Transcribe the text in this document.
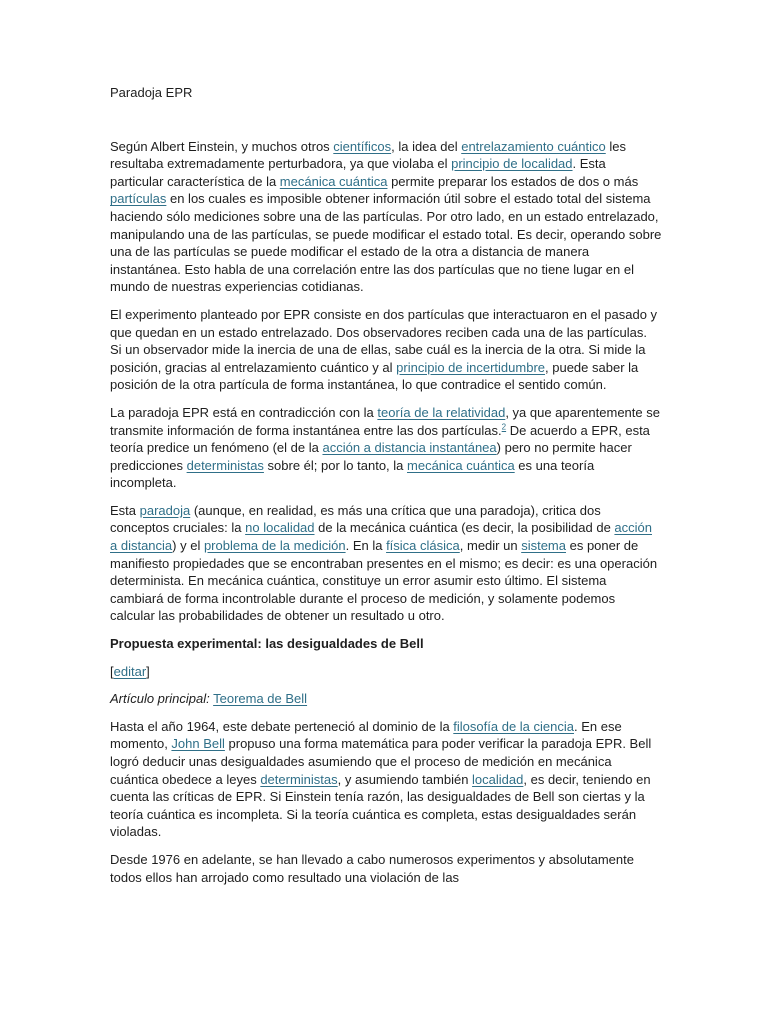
Paradoja EPR

Según Albert Einstein, y muchos otros científicos, la idea del entrelazamiento cuántico les resultaba extremadamente perturbadora, ya que violaba el principio de localidad. Esta particular característica de la mecánica cuántica permite preparar los estados de dos o más partículas en los cuales es imposible obtener información útil sobre el estado total del sistema haciendo sólo mediciones sobre una de las partículas. Por otro lado, en un estado entrelazado, manipulando una de las partículas, se puede modificar el estado total. Es decir, operando sobre una de las partículas se puede modificar el estado de la otra a distancia de manera instantánea. Esto habla de una correlación entre las dos partículas que no tiene lugar en el mundo de nuestras experiencias cotidianas.

El experimento planteado por EPR consiste en dos partículas que interactuaron en el pasado y que quedan en un estado entrelazado. Dos observadores reciben cada una de las partículas. Si un observador mide la inercia de una de ellas, sabe cuál es la inercia de la otra. Si mide la posición, gracias al entrelazamiento cuántico y al principio de incertidumbre, puede saber la posición de la otra partícula de forma instantánea, lo que contradice el sentido común.

La paradoja EPR está en contradicción con la teoría de la relatividad, ya que aparentemente se transmite información de forma instantánea entre las dos partículas.$^2$ De acuerdo a EPR, esta teoría predice un fenómeno (el de la acción a distancia instantánea) pero no permite hacer predicciones deterministas sobre él; por lo tanto, la mecánica cuántica es una teoría incompleta.

Esta paradoja (aunque, en realidad, es más una crítica que una paradoja), critica dos conceptos cruciales: la no localidad de la mecánica cuántica (es decir, la posibilidad de acción a distancia) y el problema de la medición. En la física clásica, medir un sistema es poner de manifiesto propiedades que se encontraban presentes en el mismo; es decir: es una operación determinista. En mecánica cuántica, constituye un error asumir esto último. El sistema cambiará de forma incontrolable durante el proceso de medición, y solamente podemos calcular las probabilidades de obtener un resultado u otro.

Propuesta experimental: las desigualdades de Bell

[editar]

Artículo principal: Teorema de Bell

Hasta el año 1964, este debate perteneció al dominio de la filosofía de la ciencia. En ese momento, John Bell propuso una forma matemática para poder verificar la paradoja EPR. Bell logró deducir unas desigualdades asumiendo que el proceso de medición en mecánica cuántica obedece a leyes deterministas, y asumiendo también localidad, es decir, teniendo en cuenta las críticas de EPR. Si Einstein tenía razón, las desigualdades de Bell son ciertas y la teoría cuántica es incompleta. Si la teoría cuántica es completa, estas desigualdades serán violadas.

Desde 1976 en adelante, se han llevado a cabo numerosos experimentos y absolutamente todos ellos han arrojado como resultado una violación de las
